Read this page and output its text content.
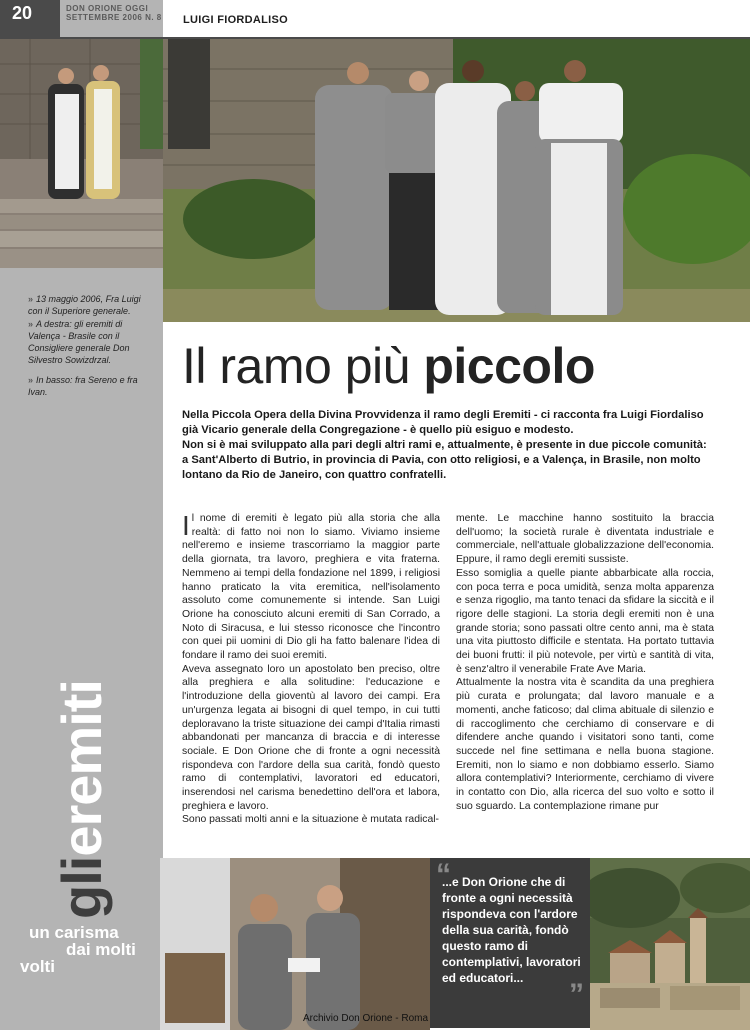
20	DON ORIONE OGGI
SETTEMBRE 2006 N. 8 LUIGI FIORDALISO
» 13 maggio 2006, Fra Luigi con il Superiore generale.
» A destra: gli eremiti di Valença - Brasile con il Consigliere generale Don Silvestro Sowizdrzal.
» In basso: fra Sereno e fra Ivan.	Il ramo più piccolo

Nella Piccola Opera della Divina Provvidenza il ramo degli Eremiti - ci racconta fra Luigi Fiordaliso già Vicario generale della Congregazione - è quello più esiguo e modesto.

Non si è mai sviluppato alla pari degli altri rami e, attualmente, è presente in due piccole comunità: a Sant'Alberto di Butrio, in provincia di Pavia, con otto religiosi, e a Valença, in Brasile, non molto lontano da Rio de Janeiro, con quattro confratelli.

Il nome di eremiti è legato più alla storia che alla realtà: di fatto noi non lo siamo. Viviamo insieme nell'eremo e insieme trascorriamo la maggior parte della giornata, tra lavoro, preghiera e vita fraterna. Nemmeno ai tempi della fondazione nel 1899, i religiosi hanno praticato la vita eremitica, nell'isolamento assoluto come comunemente si intende. San Luigi Orione ha conosciuto alcuni eremiti di San Corrado, a Noto di Siracusa, e lui stesso riconosce che l'incontro con quei pii uomini di Dio gli ha fatto balenare l'idea di fondare il ramo dei suoi eremiti.

Aveva assegnato loro un apostolato ben preciso, oltre alla preghiera e alla solitudine: l'educazione e l'introduzione della gioventù al lavoro dei campi. Era un'urgenza legata ai bisogni di quel tempo, in cui tutti deploravano la triste situazione dei campi d'Italia rimasti abbandonati per mancanza di braccia e di interesse sociale. E Don Orione che di fronte a ogni necessità rispondeva con l'ardore della sua carità, fondò questo ramo di contemplativi, lavoratori ed educatori, inserendosi nel carisma benedettino dell'ora et labora, preghiera e lavoro.

Sono passati molti anni e la situazione è mutata radical-

mente. Le macchine hanno sostituito la braccia dell'uomo; la società rurale è diventata industriale e commerciale, nell'attuale globalizzazione dell'economia. Eppure, il ramo degli eremiti sussiste.

Esso somiglia a quelle piante abbarbicate alla roccia, con poca terra e poca umidità, senza molta apparenza e senza rigoglio, ma tanto tenaci da sfidare la siccità e il rigore delle stagioni. La storia degli eremiti non è una grande storia; sono passati oltre cento anni, ma è stata una vita piuttosto difficile e stentata. Ha portato tuttavia dei buoni frutti: il più notevole, per virtù e santità di vita, è senz'altro il venerabile Frate Ave Maria.

Attualmente la nostra vita è scandita da una preghiera più curata e prolungata; dal lavoro manuale e a momenti, anche faticoso; dal clima abituale di silenzio e di raccoglimento che cerchiamo di conservare e di difendere anche quando i visitatori sono tanti, come succede nel fine settimana e nella buona stagione. Eremiti, non lo siamo e non dobbiamo esserlo. Siamo allora contemplativi? Interiormente, cerchiamo di vivere in contatto con Dio, alla ricerca del suo volto e sotto il suo sguardo. La contemplazione rimane pur

glieremiti
un carisma
dai molti
volti
“
...e Don Orione che di fronte a ogni necessità rispondeva con l'ardore della sua carità, fondò questo ramo di contemplativi, lavoratori ed educatori...	”
Archivio Don Orione - Roma
